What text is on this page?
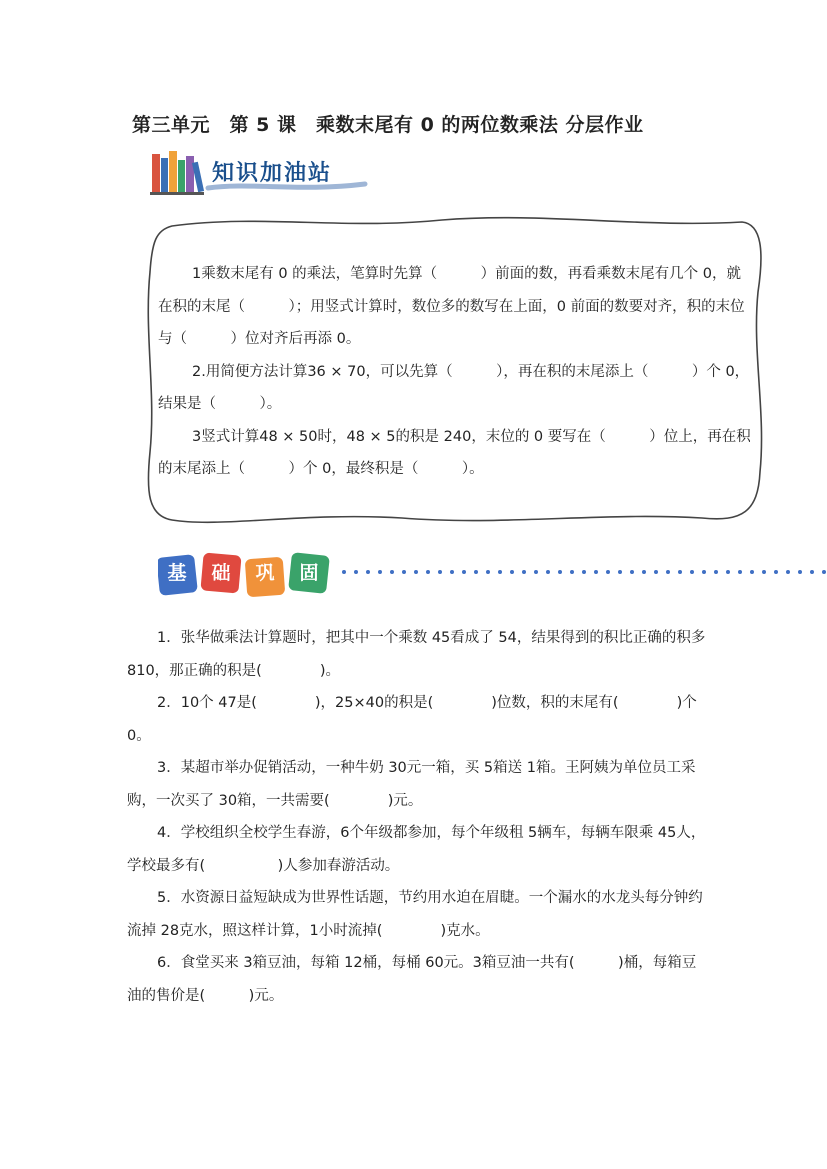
第三单元　第 5 课　乘数末尾有 0 的两位数乘法 分层作业
知识加油站

1乘数末尾有 0 的乘法，笔算时先算（　　　）前面的数，再看乘数末尾有几个 0，就在积的末尾（　　　）；用竖式计算时，数位多的数写在上面，0 前面的数要对齐，积的末位与（　　　）位对齐后再添 0。

2.用简便方法计算36 × 70，可以先算（　　　），再在积的末尾添上（　　　）个 0，结果是（　　　）。

3竖式计算48 × 50时，48 × 5的积是 240，末位的 0 要写在（　　　）位上，再在积的末尾添上（　　　）个 0，最终积是（　　　）。

基	础	巩	固

1．张华做乘法计算题时，把其中一个乘数 45看成了 54，结果得到的积比正确的积多 810，那正确的积是(　　　　)。

2．10个 47是(　　　　)，25×40的积是(　　　　)位数，积的末尾有(　　　　)个 0。

3．某超市举办促销活动，一种牛奶 30元一箱，买 5箱送 1箱。王阿姨为单位员工采购，一次买了 30箱，一共需要(　　　　)元。

4．学校组织全校学生春游，6个年级都参加，每个年级租 5辆车，每辆车限乘 45人，学校最多有(　　　　　)人参加春游活动。

5．水资源日益短缺成为世界性话题，节约用水迫在眉睫。一个漏水的水龙头每分钟约流掉 28克水，照这样计算，1小时流掉(　　　　)克水。

6．食堂买来 3箱豆油，每箱 12桶，每桶 60元。3箱豆油一共有(　　　)桶，每箱豆油的售价是(　　　)元。
